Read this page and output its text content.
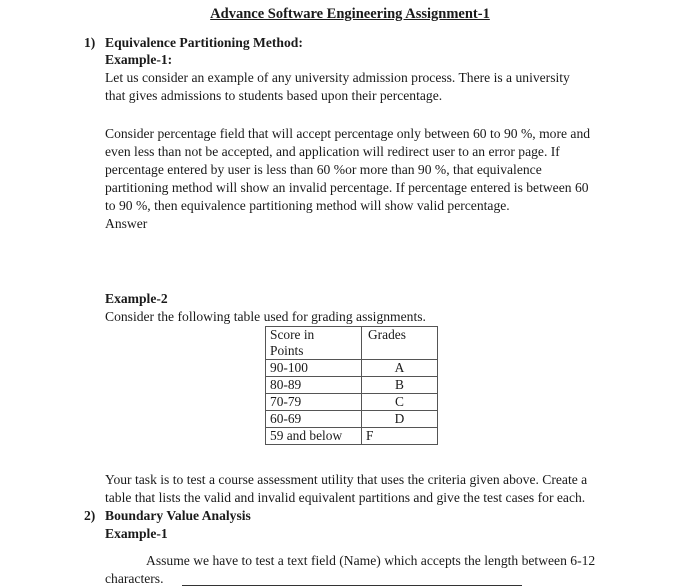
Advance Software Engineering Assignment-1
1) Equivalence Partitioning Method:
Example-1:
Let us consider an example of any university admission process. There is a university
that gives admissions to students based upon their percentage.
Consider percentage field that will accept percentage only between 60 to 90 %, more and
even less than not be accepted, and application will redirect user to an error page. If
percentage entered by user is less than 60 %or more than 90 %, that equivalence
partitioning method will show an invalid percentage. If percentage entered is between 60
to 90 %, then equivalence partitioning method will show valid percentage.
Answer
Example-2
Consider the following table used for grading assignments.
Score in
Points	Grades
90-100	A
80-89	B
70-79	C
60-69	D
59 and below	F
Your task is to test a course assessment utility that uses the criteria given above. Create a
table that lists the valid and invalid equivalent partitions and give the test cases for each.
2) Boundary Value Analysis
Example-1
Assume we have to test a text field (Name) which accepts the length between 6-12
characters.
